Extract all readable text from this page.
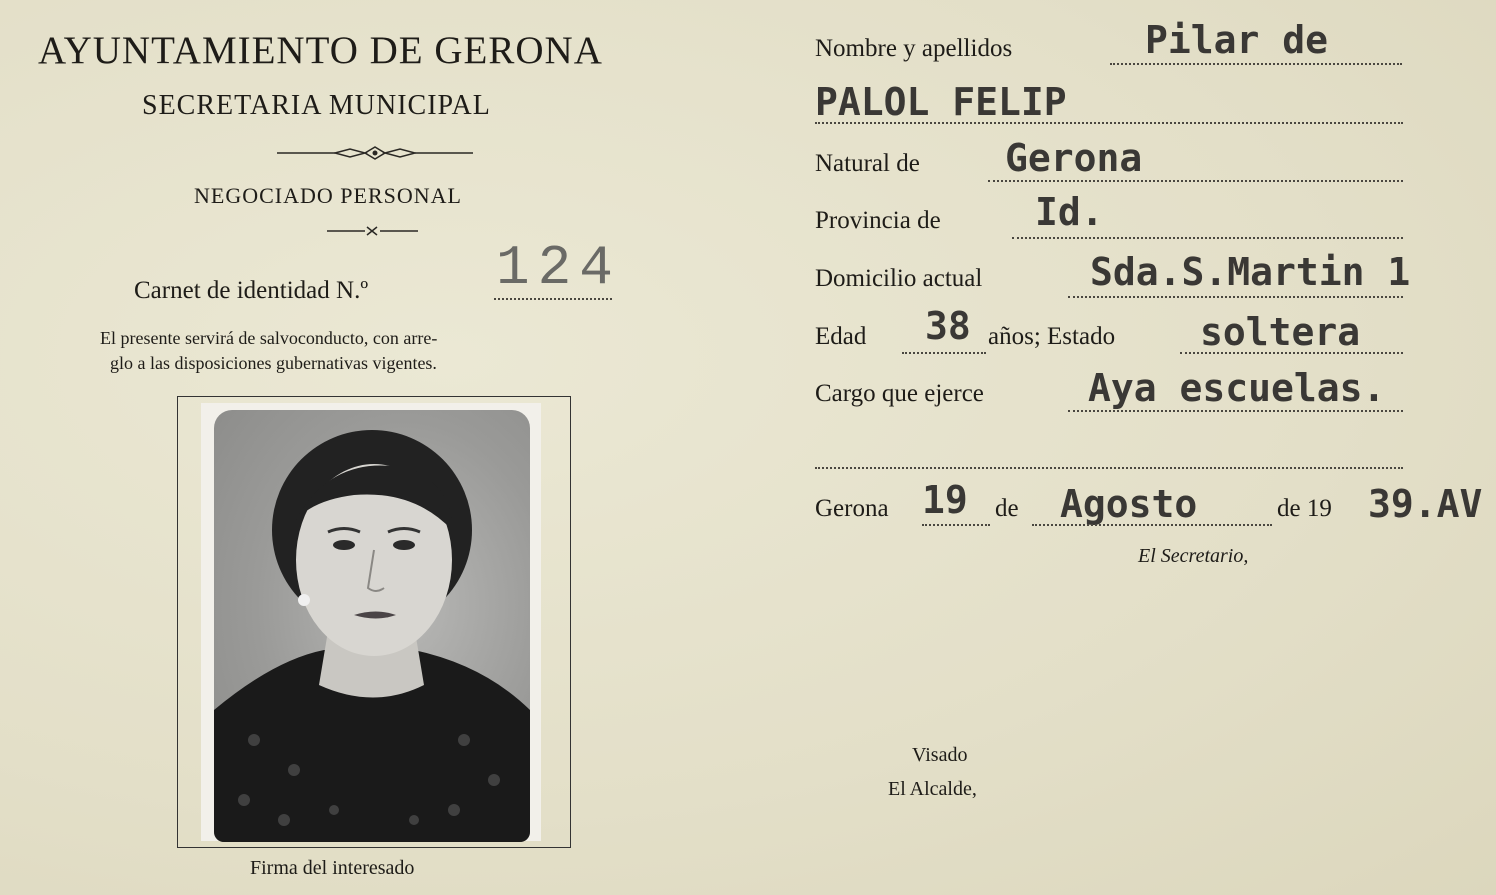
AYUNTAMIENTO DE GERONA
SECRETARIA MUNICIPAL
NEGOCIADO PERSONAL
Carnet de identidad N.º 124
El presente servirá de salvoconducto, con arre-
glo a las disposiciones gubernativas vigentes.
Firma del interesado
Nombre y apellidos	Pilar de
PALOL FELIP
Natural de Gerona
Provincia de Id.
Domicilio actual	Sda.S.Martin 1
Edad 38 años; Estado soltera
Cargo que ejerce	Aya escuelas.
Gerona 19 de Agosto	de 19 39.AV
El Secretario,
Visado
El Alcalde,
